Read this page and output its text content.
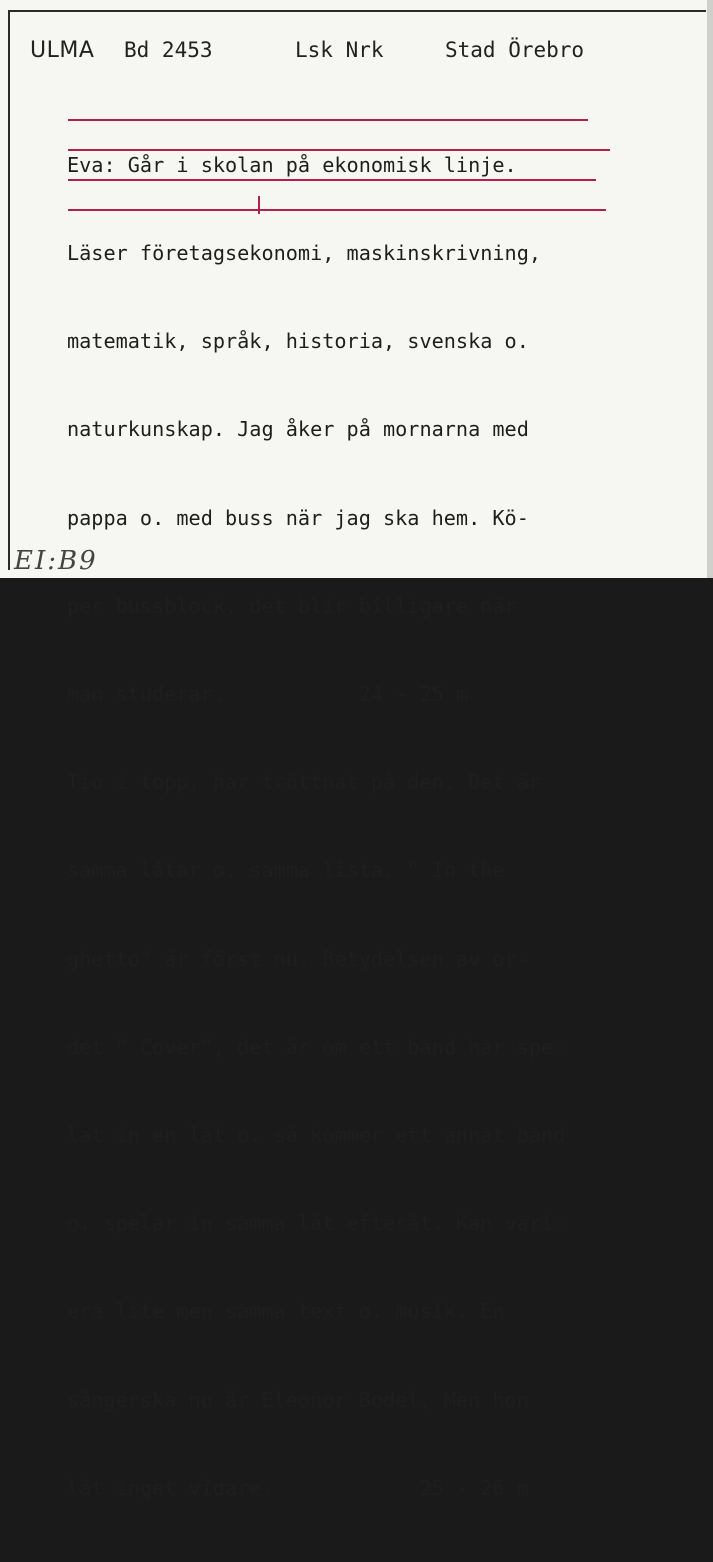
ULMA Bd 2453	Lsk Nrk	Stad Örebro

Eva: Går i skolan på ekonomisk linje.

Läser företagsekonomi, maskinskrivning,

matematik, språk, historia, svenska o.

naturkunskap. Jag åker på mornarna med

pappa o. med buss när jag ska hem. Kö-

per bussblock, det blir billigare när

man studerar.           24 - 25 m

Tio i topp, har tröttnat på den. Det är

samma låtar o. samma lista. " In the

ghetto" är först nu. Betydelsen av or-

det " Cover", det är om ett band har spe-

lat in en låt o. så kommer ett annat band

o. spelar in samma låt efteråt. Kan vari-

era lite men samma text o. musik. En

sångerska nu är Eleonor Bodel, Men hon

lät inget vidare.            25 - 26 m

EI:B9
